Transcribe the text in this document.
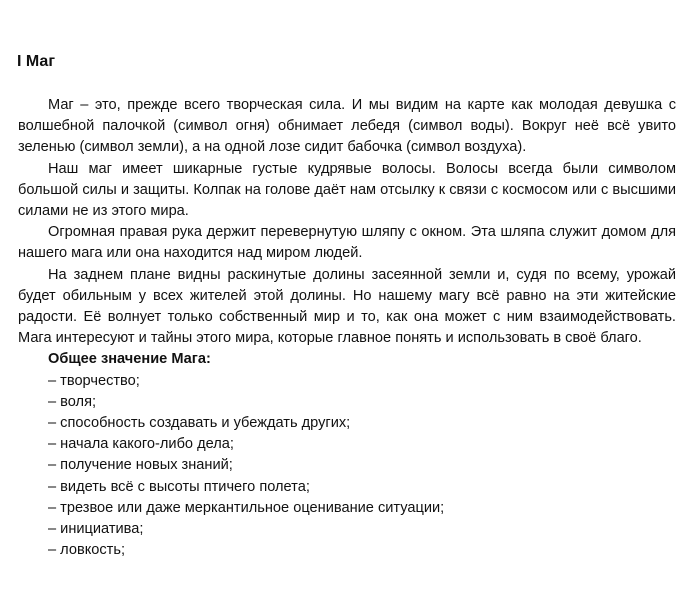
I Маг

Маг – это, прежде всего творческая сила. И мы видим на карте как молодая девушка с волшебной палочкой (символ огня) обнимает лебедя (символ воды). Вокруг неё всё увито зеленью (символ земли), а на одной лозе сидит бабочка (символ воздуха).

Наш маг имеет шикарные густые кудрявые волосы. Волосы всегда были символом большой силы и защиты. Колпак на голове даёт нам отсылку к связи с космосом или с высшими силами не из этого мира.

Огромная правая рука держит перевернутую шляпу с окном. Эта шляпа служит домом для нашего мага или она находится над миром людей.

На заднем плане видны раскинутые долины засеянной земли и, судя по всему, урожай будет обильным у всех жителей этой долины. Но нашему магу всё равно на эти житейские радости. Её волнует только собственный мир и то, как она может с ним взаимодействовать. Мага интересуют и тайны этого мира, которые главное понять и использовать в своё благо.

Общее значение Мага:

– творчество;
– воля;
– способность создавать и убеждать других;
– начала какого-либо дела;
– получение новых знаний;
– видеть всё с высоты птичего полета;
– трезвое или даже меркантильное оценивание ситуации;
– инициатива;
– ловкость;
